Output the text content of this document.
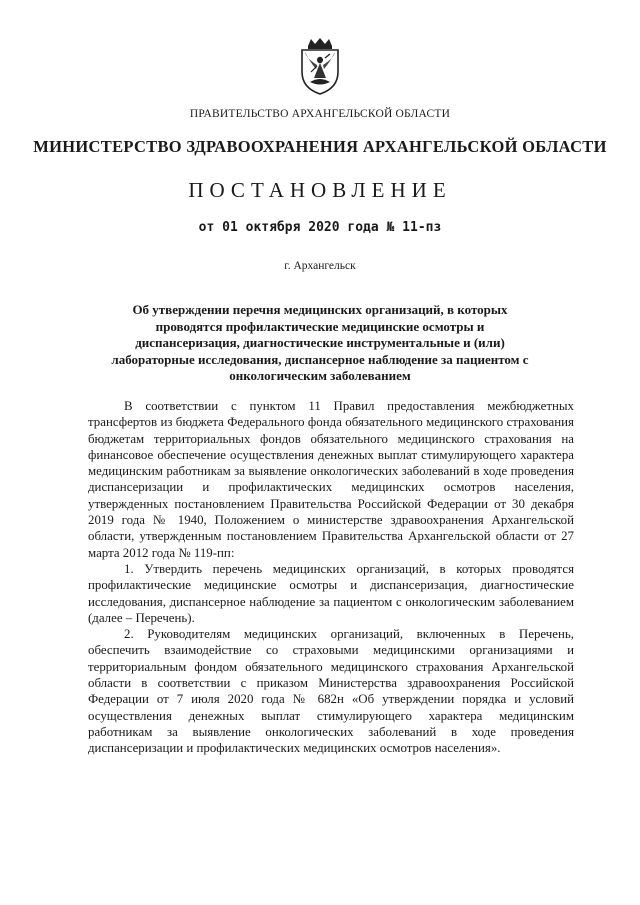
ПРАВИТЕЛЬСТВО АРХАНГЕЛЬСКОЙ ОБЛАСТИ
МИНИСТЕРСТВО ЗДРАВООХРАНЕНИЯ АРХАНГЕЛЬСКОЙ ОБЛАСТИ
ПОСТАНОВЛЕНИЕ
от 01 октября 2020 года № 11-пз
г. Архангельск
Об утверждении перечня медицинских организаций, в которых проводятся профилактические медицинские осмотры и диспансеризация, диагностические инструментальные и (или) лабораторные исследования, диспансерное наблюдение за пациентом с онкологическим заболеванием

В соответствии с пунктом 11 Правил предоставления межбюджетных трансфертов из бюджета Федерального фонда обязательного медицинского страхования бюджетам территориальных фондов обязательного медицинского страхования на финансовое обеспечение осуществления денежных выплат стимулирующего характера медицинским работникам за выявление онкологических заболеваний в ходе проведения диспансеризации и профилактических медицинских осмотров населения, утвержденных постановлением Правительства Российской Федерации от 30 декабря 2019 года № 1940, Положением о министерстве здравоохранения Архангельской области, утвержденным постановлением Правительства Архангельской области от 27 марта 2012 года № 119-пп:

1. Утвердить перечень медицинских организаций, в которых проводятся профилактические медицинские осмотры и диспансеризация, диагностические исследования, диспансерное наблюдение за пациентом с онкологическим заболеванием (далее – Перечень).

2. Руководителям медицинских организаций, включенных в Перечень, обеспечить взаимодействие со страховыми медицинскими организациями и территориальным фондом обязательного медицинского страхования Архангельской области в соответствии с приказом Министерства здравоохранения Российской Федерации от 7 июля 2020 года № 682н «Об утверждении порядка и условий осуществления денежных выплат стимулирующего характера медицинским работникам за выявление онкологических заболеваний в ходе проведения диспансеризации и профилактических медицинских осмотров населения».
